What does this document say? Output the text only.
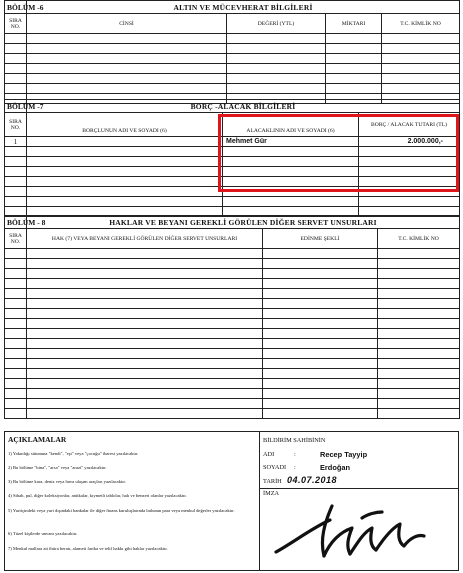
BÖLÜM -6	ALTIN VE MÜCEVHERAT BİLGİLERİ			
SIRA NO.	CİNSİ	DEĞERİ (YTL)	MİKTARI	T.C. KİMLİK NO

BÖLÜM -7	BORÇ -ALACAK BİLGİLERİ		
SIRA NO.	BORÇLUNUN ADI VE SOYADI (6)	ALACAKLININ ADI VE SOYADI (6)	BORÇ / ALACAK TUTARI (TL)
1		Mehmet Gür	2.000.000,-

BÖLÜM - 8	HAKLAR VE BEYANI GEREKLİ GÖRÜLEN DİĞER SERVET UNSURLARI		
SIRA NO.	HAK (7) VEYA BEYANI GEREKLİ GÖRÜLEN DİĞER SERVET UNSURLARI	EDİNME ŞEKLİ	T.C. KİMLİK NO

AÇIKLAMALAR
1) Yakınlığı sütununa "kendi", "eşi" veya "çocuğu" ibaresi yazılacaktır.
2) Bu bölüme "bina", "arsa" veya "arazi" yazılacaktır.
3) Bu bölüme kara, deniz veya hava ulaşım araçları yazılacaktır.
4) Sihah, pul, diğer koleksiyonlar, antikalar, kıymetli tablolar, halı ve benzeri olanlar yazılacaktır.
5) Yurtiçindeki veya yurt dışındaki bankalar ile diğer finans kuruluşlarında bulunan para veya menkul değerler yazılacaktır.
6) Tüzel kişilerde unvanı yazılacaktır.
7) Menkul mallara ait ihtira beratı, alameti farika ve telif hakkı gibi haklar yazılacaktır.
BİLDİRİM SAHİBİNİN
ADI	:	Recep Tayyip
SOYADI :	Erdoğan
TARİH 04.07.2018
İMZA
